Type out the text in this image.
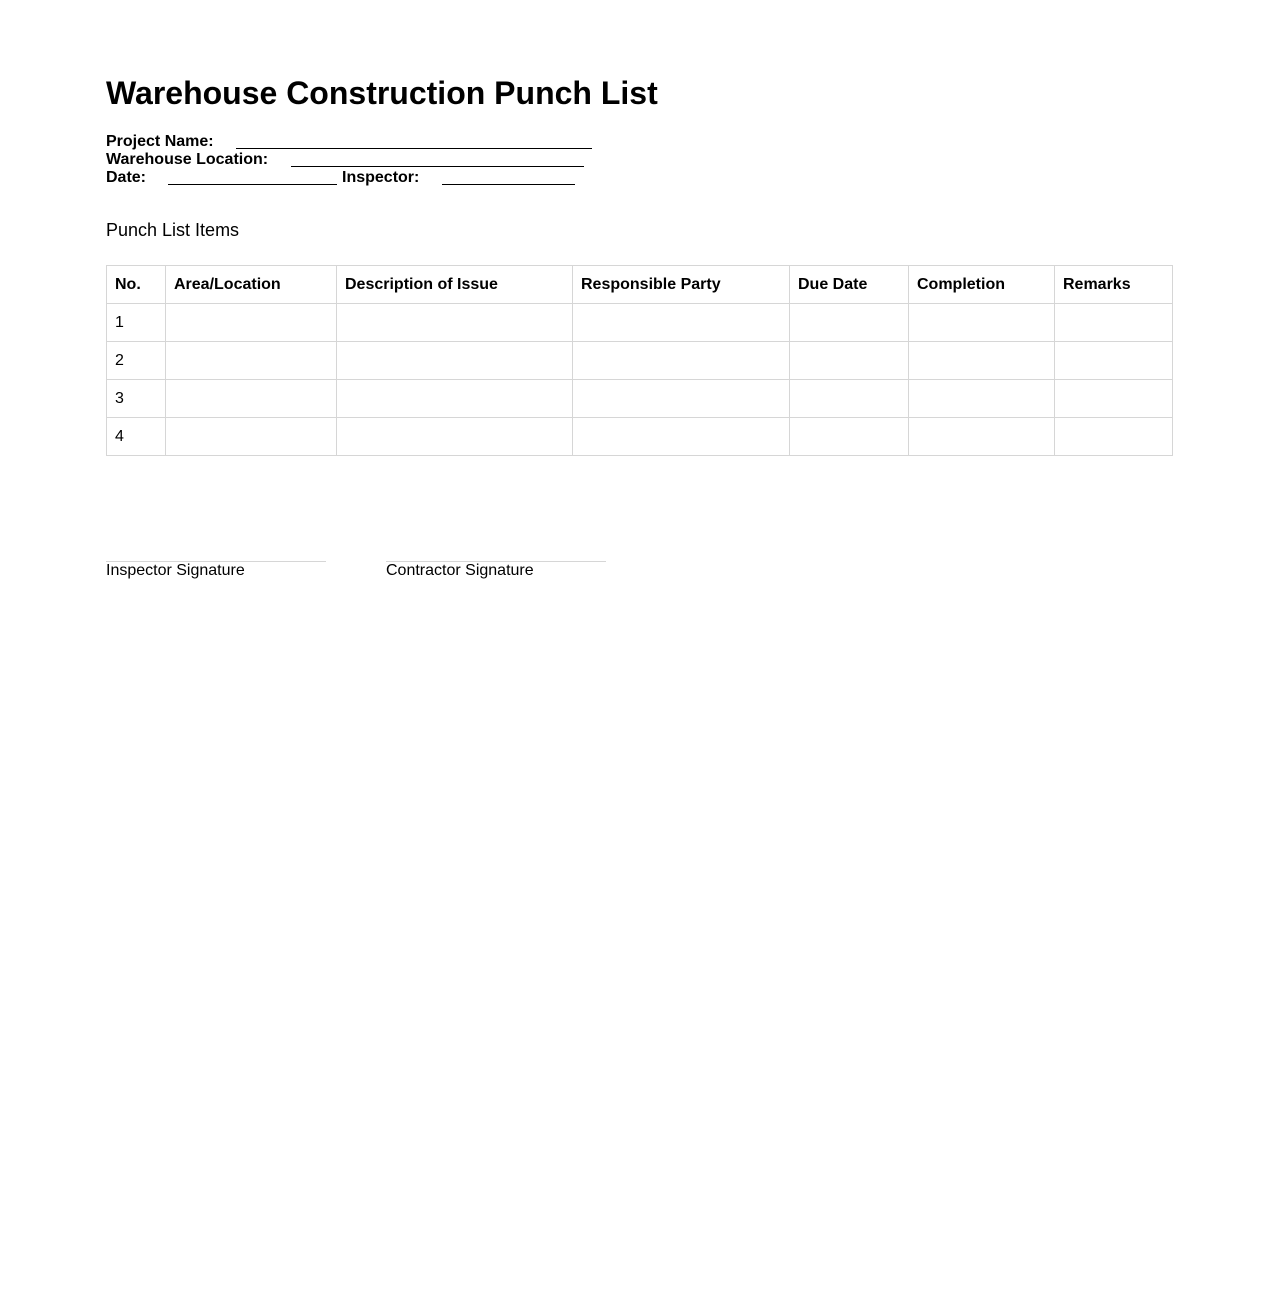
Warehouse Construction Punch List
Project Name:
Warehouse Location:
Date:	Inspector:
Punch List Items
No.	Area/Location	Description of Issue	Responsible Party	Due Date	Completion	Remarks
1						
2						
3						
4						
Inspector Signature	Contractor Signature
